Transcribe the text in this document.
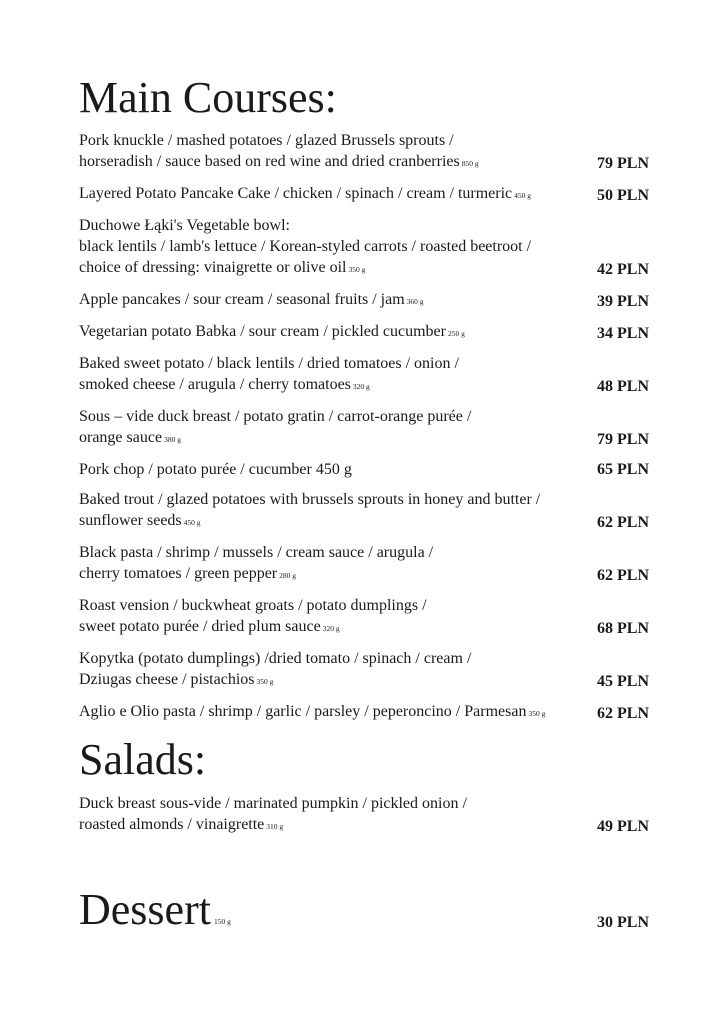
Main Courses:
Pork knuckle / mashed potatoes / glazed Brussels sprouts /
horseradish / sauce based on red wine and dried cranberries 850 g	79 PLN
Layered Potato Pancake Cake / chicken / spinach / cream / turmeric 450 g	50 PLN
Duchowe Łąki's Vegetable bowl:
black lentils / lamb's lettuce / Korean-styled carrots / roasted beetroot /
choice of dressing: vinaigrette or olive oil 350 g	42 PLN
Apple pancakes / sour cream / seasonal fruits / jam 360 g	39 PLN
Vegetarian potato Babka / sour cream / pickled cucumber 250 g	34 PLN
Baked sweet potato / black lentils / dried tomatoes / onion /
smoked cheese / arugula / cherry tomatoes 320 g	48 PLN
Sous – vide duck breast / potato gratin / carrot-orange purée /
orange sauce 380 g	79 PLN
Pork chop / potato purée / cucumber 450 g	65 PLN
Baked trout / glazed potatoes with brussels sprouts in honey and butter /
sunflower seeds 450 g	62 PLN
Black pasta / shrimp / mussels / cream sauce / arugula /
cherry tomatoes / green pepper 280 g	62 PLN
Roast vension / buckwheat groats / potato dumplings /
sweet potato purée / dried plum sauce 320 g	68 PLN
Kopytka (potato dumplings) /dried tomato / spinach / cream /
Dziugas cheese / pistachios 350 g	45 PLN
Aglio e Olio pasta / shrimp / garlic / parsley / peperoncino / Parmesan 350 g	62 PLN
Salads:
Duck breast sous-vide / marinated pumpkin / pickled onion /
roasted almonds / vinaigrette 310 g	49 PLN
Dessert 150 g	30 PLN
